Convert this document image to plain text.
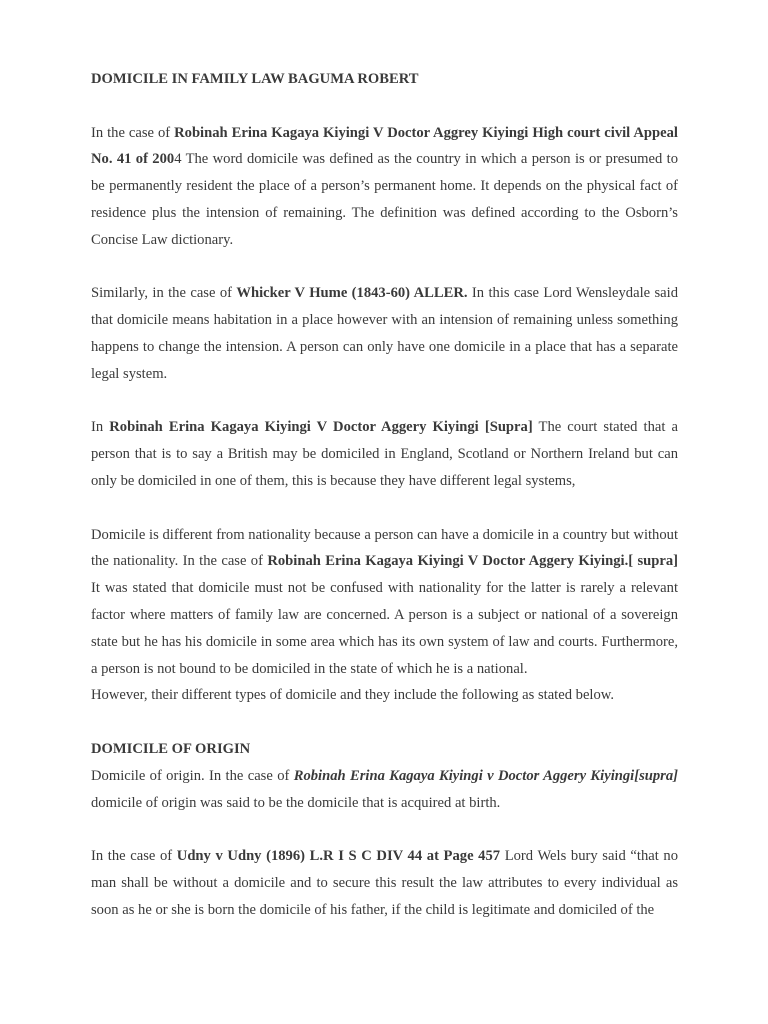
DOMICILE IN FAMILY LAW BAGUMA ROBERT

In the case of Robinah Erina Kagaya Kiyingi V Doctor Aggrey Kiyingi High court civil Appeal No. 41 of 2004 The word domicile was defined as the country in which a person is or presumed to be permanently resident the place of a person’s permanent home. It depends on the physical fact of residence plus the intension of remaining. The definition was defined according to the Osborn’s Concise Law dictionary.

Similarly, in the case of Whicker V Hume (1843-60) ALLER. In this case Lord Wensleydale said that domicile means habitation in a place however with an intension of remaining unless something happens to change the intension. A person can only have one domicile in a place that has a separate legal system.

In Robinah Erina Kagaya Kiyingi V Doctor Aggery Kiyingi [Supra] The court stated that a person that is to say a British may be domiciled in England, Scotland or Northern Ireland but can only be domiciled in one of them, this is because they have different legal systems,

Domicile is different from nationality because a person can have a domicile in a country but without the nationality. In the case of Robinah Erina Kagaya Kiyingi V Doctor Aggery Kiyingi.[ supra] It was stated that domicile must not be confused with nationality for the latter is rarely a relevant factor where matters of family law are concerned. A person is a subject or national of a sovereign state but he has his domicile in some area which has its own system of law and courts. Furthermore, a person is not bound to be domiciled in the state of which he is a national.

However, their different types of domicile and they include the following as stated below.

DOMICILE OF ORIGIN

Domicile of origin. In the case of Robinah Erina Kagaya Kiyingi v Doctor Aggery Kiyingi[supra] domicile of origin was said to be the domicile that is acquired at birth.

In the case of Udny v Udny (1896) L.R I S C DIV 44 at Page 457 Lord Wels bury said “that no man shall be without a domicile and to secure this result the law attributes to every individual as soon as he or she is born the domicile of his father, if the child is legitimate and domiciled of the
